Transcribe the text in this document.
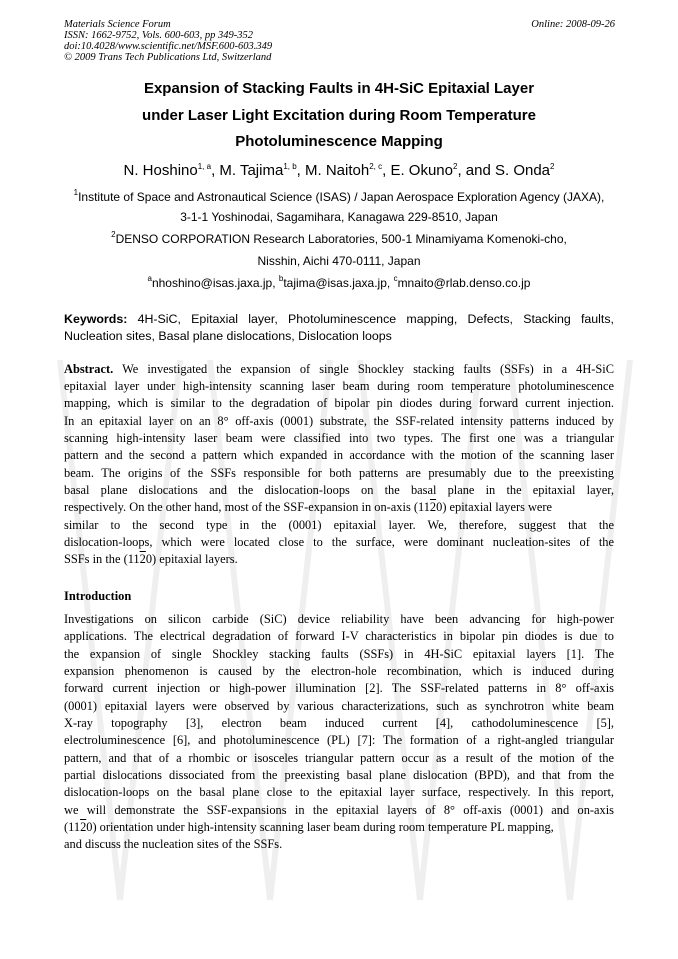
Materials Science Forum
ISSN: 1662-9752, Vols. 600-603, pp 349-352
doi:10.4028/www.scientific.net/MSF.600-603.349
© 2009 Trans Tech Publications Ltd, Switzerland
Online: 2008-09-26
Expansion of Stacking Faults in 4H-SiC Epitaxial Layer
under Laser Light Excitation during Room Temperature
Photoluminescence Mapping
N. Hoshino$^{1, a}$, M. Tajima$^{1, b}$, M. Naitoh$^{2, c}$, E. Okuno$^2$, and S. Onda$^2$
$^1$Institute of Space and Astronautical Science (ISAS) / Japan Aerospace Exploration Agency (JAXA),
3-1-1 Yoshinodai, Sagamihara, Kanagawa 229-8510, Japan
$^2$DENSO CORPORATION Research Laboratories, 500-1 Minamiyama Komenoki-cho,
Nisshin, Aichi 470-0111, Japan
$^a$nhoshino@isas.jaxa.jp, $^b$tajima@isas.jaxa.jp, $^c$mnaito@rlab.denso.co.jp
Keywords: 4H-SiC, Epitaxial layer, Photoluminescence mapping, Defects, Stacking faults,
Nucleation sites, Basal plane dislocations, Dislocation loops
Abstract. We investigated the expansion of single Shockley stacking faults (SSFs) in a 4H-SiC
epitaxial layer under high-intensity scanning laser beam during room temperature photoluminescence
mapping, which is similar to the degradation of bipolar pin diodes during forward current injection.
In an epitaxial layer on an 8° off-axis (0001) substrate, the SSF-related intensity patterns induced by
scanning high-intensity laser beam were classified into two types. The first one was a triangular
pattern and the second a pattern which expanded in accordance with the motion of the scanning laser
beam. The origins of the SSFs responsible for both patterns are presumably due to the preexisting
basal plane dislocations and the dislocation-loops on the basal plane in the epitaxial layer,
respectively. On the other hand, most of the SSF-expansion in on-axis (1120) epitaxial layers were
similar to the second type in the (0001) epitaxial layer. We, therefore, suggest that the
dislocation-loops, which were located close to the surface, were dominant nucleation-sites of the
SSFs in the (1120) epitaxial layers.
Introduction
Investigations on silicon carbide (SiC) device reliability have been advancing for high-power
applications. The electrical degradation of forward I-V characteristics in bipolar pin diodes is due to
the expansion of single Shockley stacking faults (SSFs) in 4H-SiC epitaxial layers [1]. The
expansion phenomenon is caused by the electron-hole recombination, which is induced during
forward current injection or high-power illumination [2]. The SSF-related patterns in 8° off-axis
(0001) epitaxial layers were observed by various characterizations, such as synchrotron white beam
X-ray topography [3], electron beam induced current [4], cathodoluminescence [5],
electroluminescence [6], and photoluminescence (PL) [7]: The formation of a right-angled triangular
pattern, and that of a rhombic or isosceles triangular pattern occur as a result of the motion of the
partial dislocations dissociated from the preexisting basal plane dislocation (BPD), and that from the
dislocation-loops on the basal plane close to the epitaxial layer surface, respectively. In this report,
we will demonstrate the SSF-expansions in the epitaxial layers of 8° off-axis (0001) and on-axis
(1120) orientation under high-intensity scanning laser beam during room temperature PL mapping,
and discuss the nucleation sites of the SSFs.
